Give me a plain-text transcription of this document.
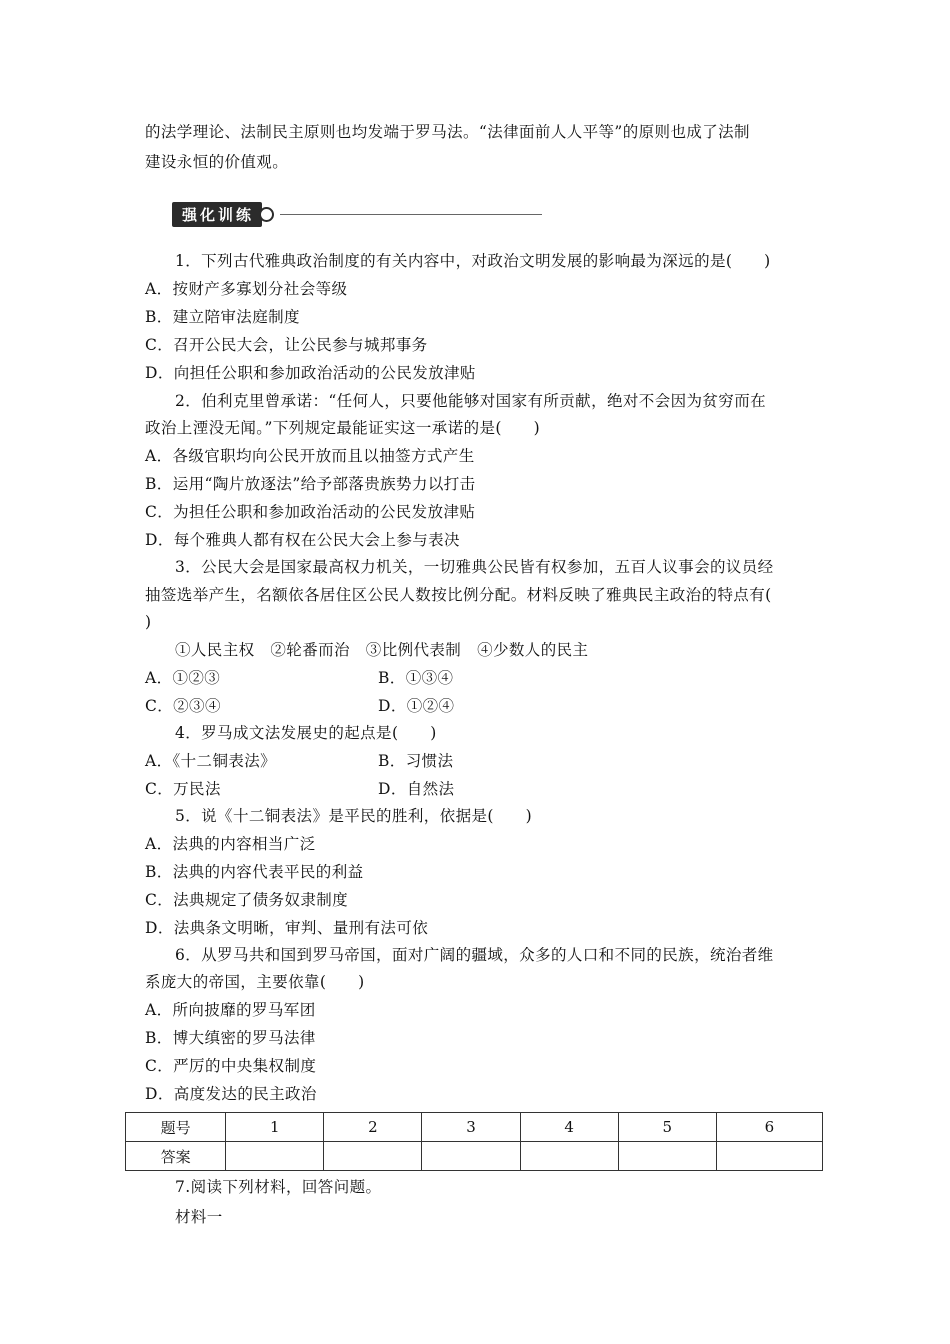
的法学理论、法制民主原则也均发端于罗马法。“法律面前人人平等”的原则也成了法制
建设永恒的价值观。
强化训练
1．下列古代雅典政治制度的有关内容中，对政治文明发展的影响最为深远的是(　　)
A．按财产多寡划分社会等级
B．建立陪审法庭制度
C．召开公民大会，让公民参与城邦事务
D．向担任公职和参加政治活动的公民发放津贴
2．伯利克里曾承诺：“任何人，只要他能够对国家有所贡献，绝对不会因为贫穷而在
政治上湮没无闻。”下列规定最能证实这一承诺的是(　　)
A．各级官职均向公民开放而且以抽签方式产生
B．运用“陶片放逐法”给予部落贵族势力以打击
C．为担任公职和参加政治活动的公民发放津贴
D．每个雅典人都有权在公民大会上参与表决
3．公民大会是国家最高权力机关，一切雅典公民皆有权参加，五百人议事会的议员经
抽签选举产生，名额依各居住区公民人数按比例分配。材料反映了雅典民主政治的特点有(
)
①人民主权　②轮番而治　③比例代表制　④少数人的民主
A．①②③	B．①③④
C．②③④	D．①②④
4．罗马成文法发展史的起点是(　　)
A．《十二铜表法》	B．习惯法
C．万民法	D．自然法
5．说《十二铜表法》是平民的胜利，依据是(　　)
A．法典的内容相当广泛
B．法典的内容代表平民的利益
C．法典规定了债务奴隶制度
D．法典条文明晰，审判、量刑有法可依
6．从罗马共和国到罗马帝国，面对广阔的疆域，众多的人口和不同的民族，统治者维
系庞大的帝国，主要依靠(　　)
A．所向披靡的罗马军团
B．博大缜密的罗马法律
C．严厉的中央集权制度
D．高度发达的民主政治
题号	1	2	3	4	5	6
答案						
7.阅读下列材料，回答问题。
材料一
